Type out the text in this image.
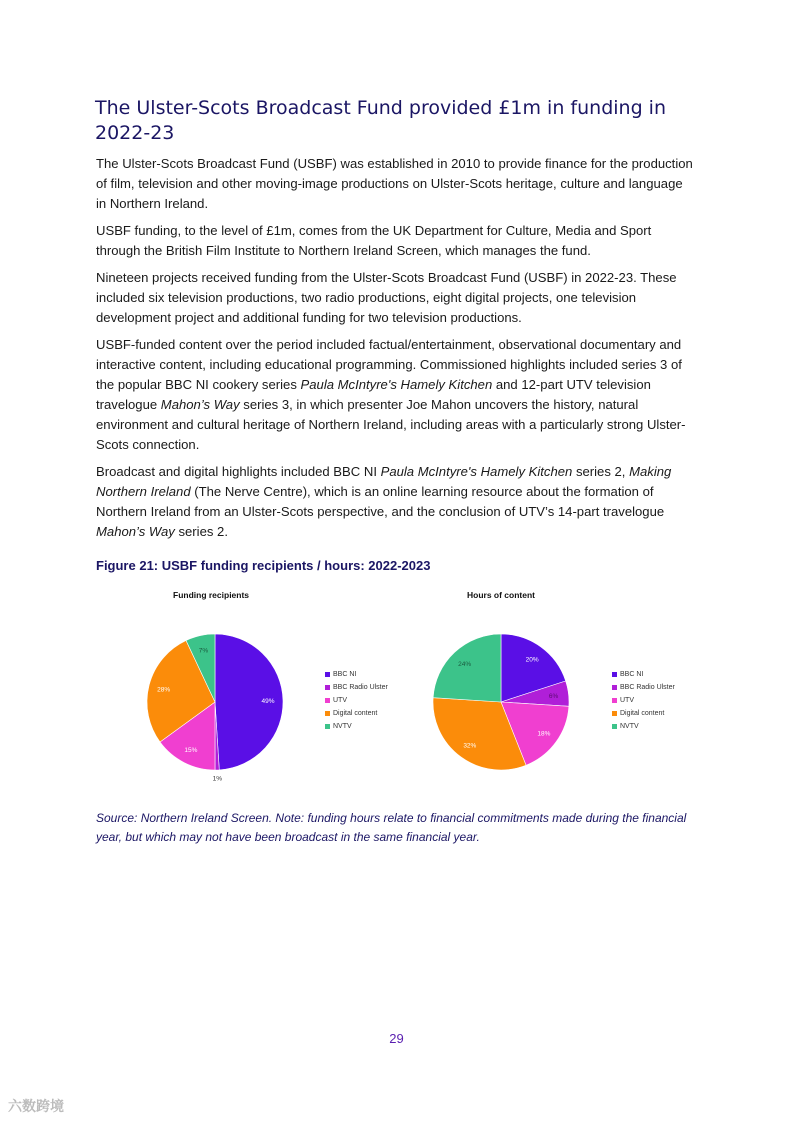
The Ulster-Scots Broadcast Fund provided £1m in funding in 2022-23

The Ulster-Scots Broadcast Fund (USBF) was established in 2010 to provide finance for the production of film, television and other moving-image productions on Ulster-Scots heritage, culture and language in Northern Ireland.

USBF funding, to the level of £1m, comes from the UK Department for Culture, Media and Sport through the British Film Institute to Northern Ireland Screen, which manages the fund.

Nineteen projects received funding from the Ulster-Scots Broadcast Fund (USBF) in 2022-23. These included six television productions, two radio productions, eight digital projects, one television development project and additional funding for two television productions.

USBF-funded content over the period included factual/entertainment, observational documentary and interactive content, including educational programming. Commissioned highlights included series 3 of the popular BBC NI cookery series Paula McIntyre's Hamely Kitchen and 12-part UTV television travelogue Mahon’s Way series 3, in which presenter Joe Mahon uncovers the history, natural environment and cultural heritage of Northern Ireland, including areas with a particularly strong Ulster-Scots connection.

Broadcast and digital highlights included BBC NI Paula McIntyre's Hamely Kitchen series 2, Making Northern Ireland (The Nerve Centre), which is an online learning resource about the formation of Northern Ireland from an Ulster-Scots perspective, and the conclusion of UTV’s 14-part travelogue Mahon’s Way series 2.

Figure 21: USBF funding recipients / hours: 2022-2023
Funding recipients	Hours of content
49%
1%
15%
28%
7%
20%
6%
18%
32%
24%
BBC NI
BBC Radio Ulster
UTV
Digital content
NVTV
BBC NI
BBC Radio Ulster
UTV
Digital content
NVTV
Source: Northern Ireland Screen. Note: funding hours relate to financial commitments made during the financial year, but which may not have been broadcast in the same financial year.
29
六数跨境
